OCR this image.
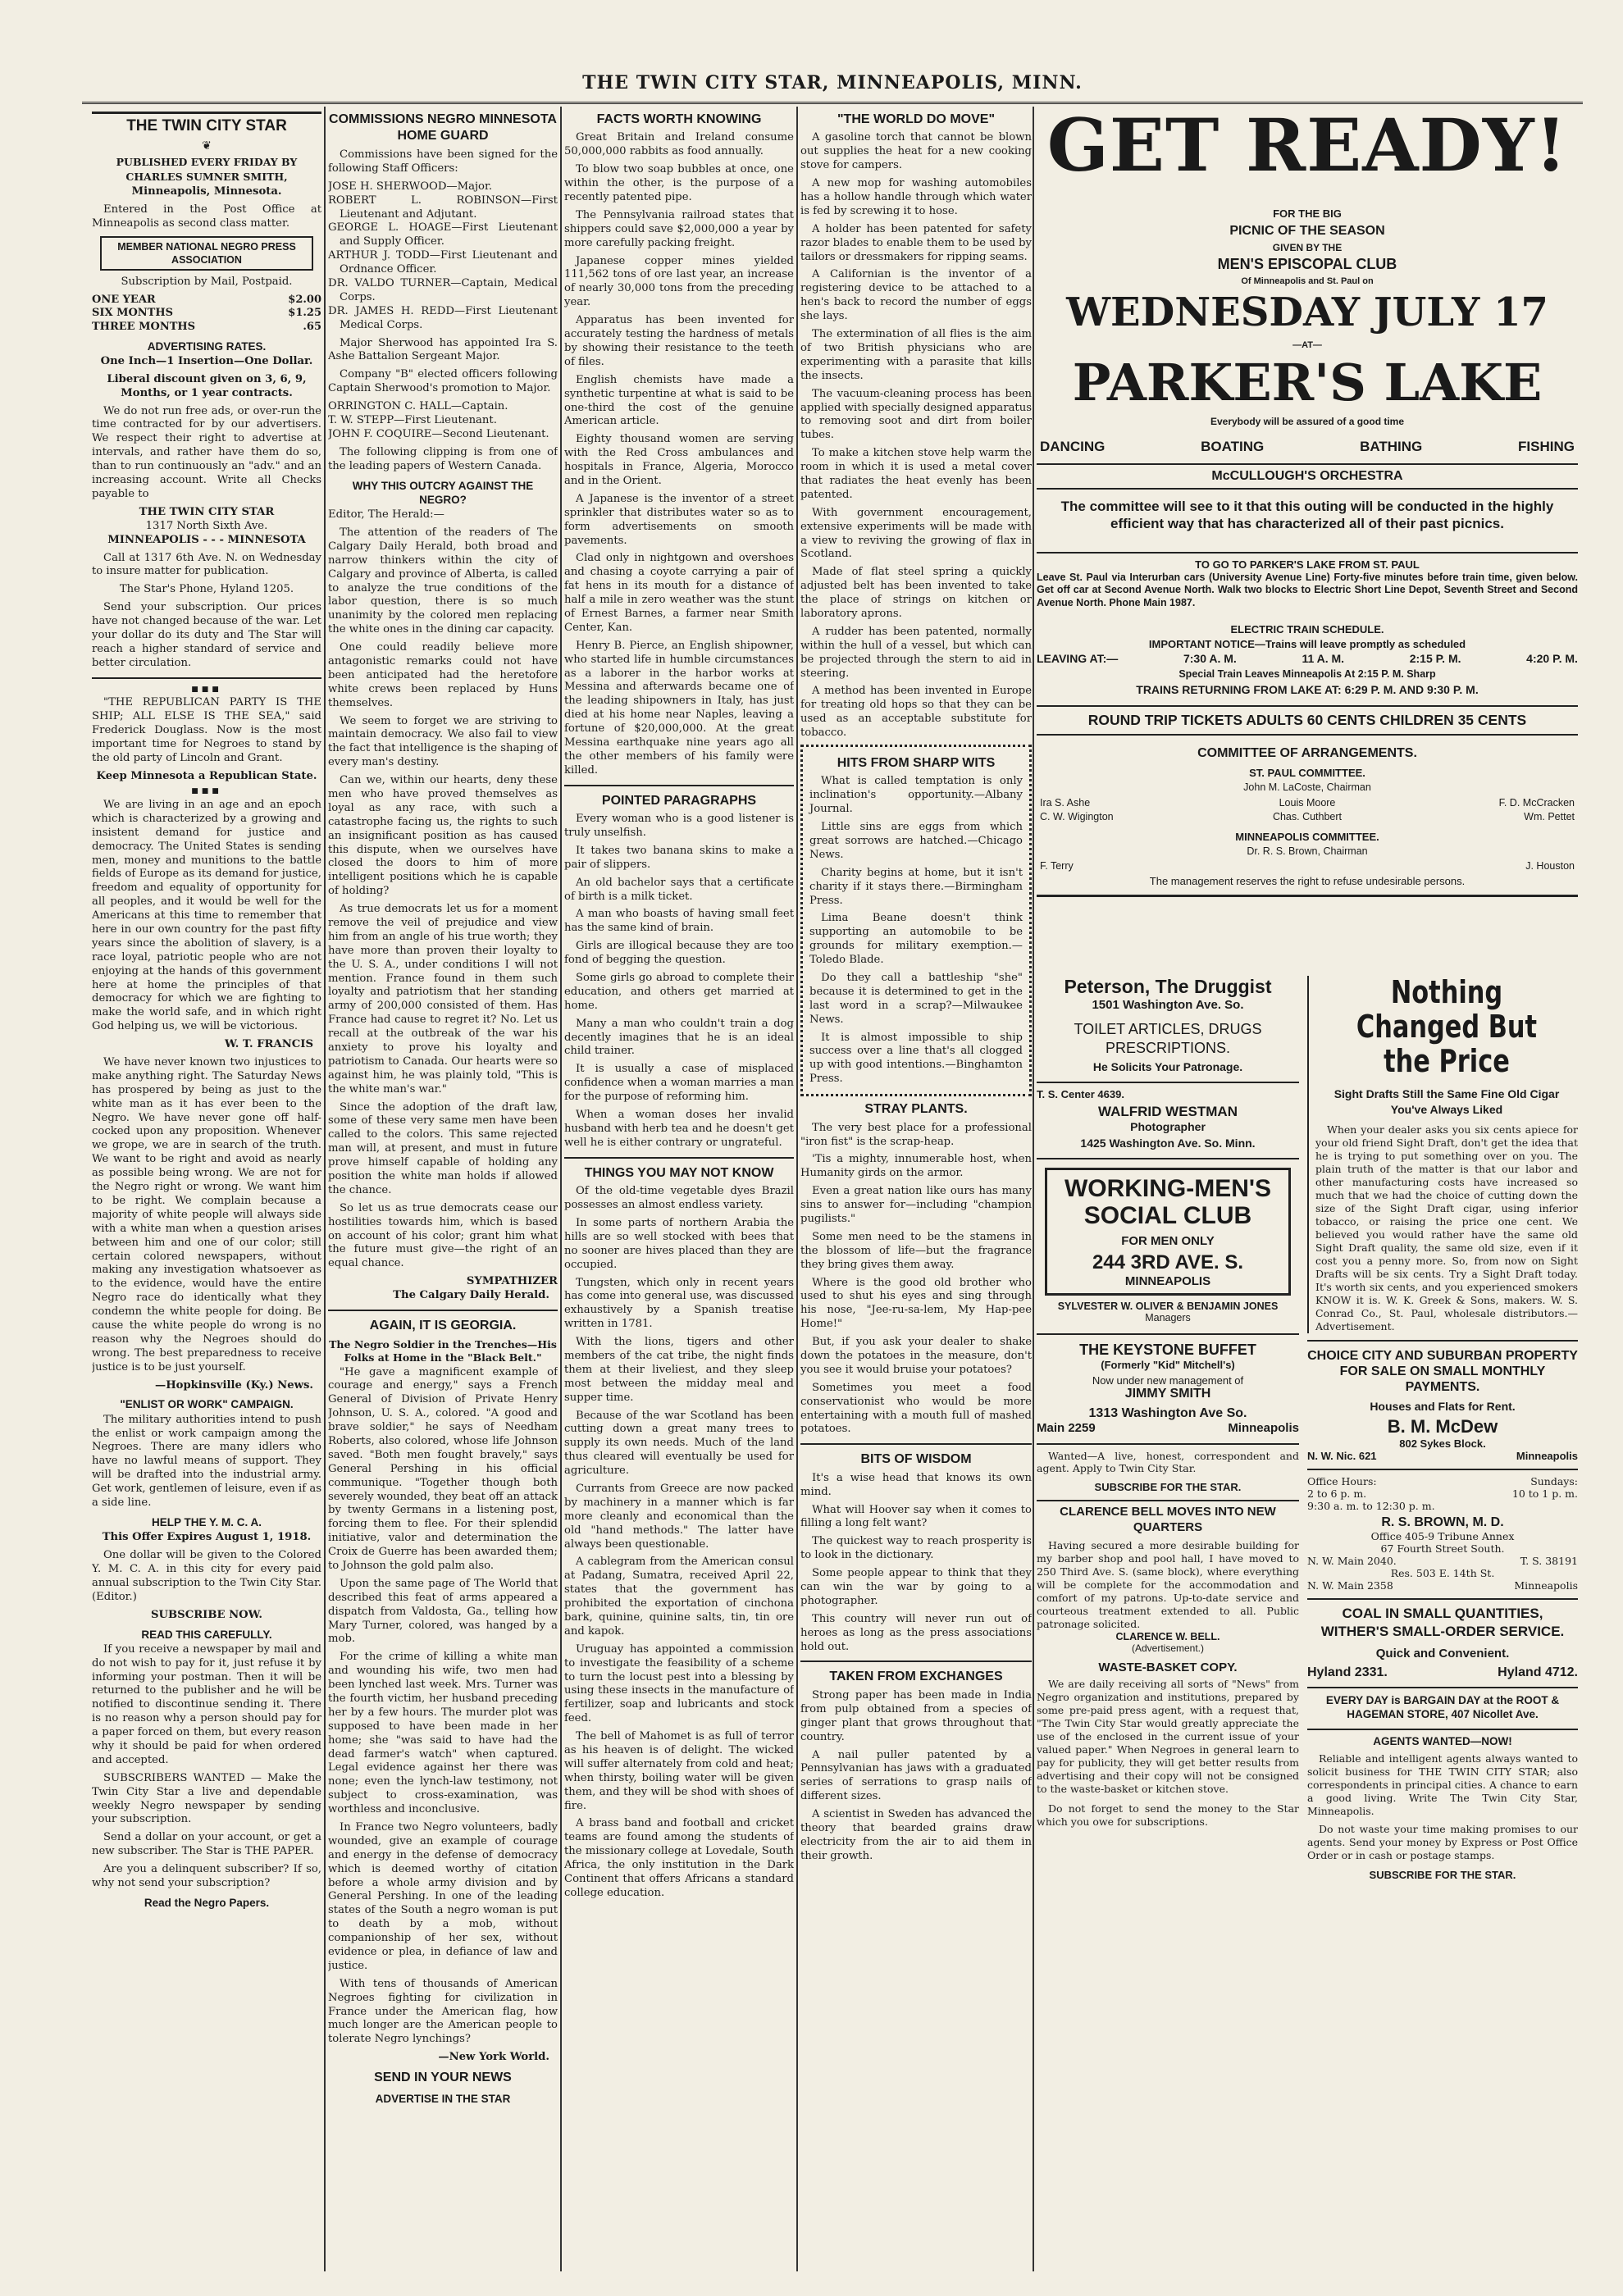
THE TWIN CITY STAR, MINNEAPOLIS, MINN.
THE TWIN CITY STAR
❦
PUBLISHED EVERY FRIDAY BY
CHARLES SUMNER SMITH,

Minneapolis, Minnesota.

Entered in the Post Office at Minneapolis as second class matter.

MEMBER NATIONAL NEGRO PRESS ASSOCIATION

Subscription by Mail, Postpaid.

ONE YEAR	$2.00
SIX MONTHS	$1.25
THREE MONTHS	.65
ADVERTISING RATES.

One Inch—1 Insertion—One Dollar.

Liberal discount given on 3, 6, 9, Months, or 1 year contracts.

We do not run free ads, or over-run the time contracted for by our advertisers. We respect their right to advertise at intervals, and rather have them do so, than to run continuously an "adv." and an increasing account. Write all Checks payable to

THE TWIN CITY STAR

1317 North Sixth Ave.

MINNEAPOLIS - - - MINNESOTA

Call at 1317 6th Ave. N. on Wednesday to insure matter for publication.

The Star's Phone, Hyland 1205.

Send your subscription. Our prices have not changed because of the war. Let your dollar do its duty and The Star will reach a higher standard of service and better circulation.

■■■

"THE REPUBLICAN PARTY IS THE SHIP; ALL ELSE IS THE SEA," said Frederick Douglass. Now is the most important time for Negroes to stand by the old party of Lincoln and Grant.

Keep Minnesota a Republican State.

■■■

We are living in an age and an epoch which is characterized by a growing and insistent demand for justice and democracy. The United States is sending men, money and munitions to the battle fields of Europe as its demand for justice, freedom and equality of opportunity for all peoples, and it would be well for the Americans at this time to remember that here in our own country for the past fifty years since the abolition of slavery, is a race loyal, patriotic people who are not enjoying at the hands of this government here at home the principles of that democracy for which we are fighting to make the world safe, and in which right God helping us, we will be victorious.

W. T. FRANCIS

We have never known two injustices to make anything right. The Saturday News has prospered by being as just to the white man as it has ever been to the Negro. We have never gone off half-cocked upon any proposition. Whenever we grope, we are in search of the truth. We want to be right and avoid as nearly as possible being wrong. We are not for the Negro right or wrong. We want him to be right. We complain because a majority of white people will always side with a white man when a question arises between him and one of our color; still certain colored newspapers, without making any investigation whatsoever as to the evidence, would have the entire Negro race do identically what they condemn the white people for doing. Be cause the white people do wrong is no reason why the Negroes should do wrong. The best preparedness to receive justice is to be just yourself.

—Hopkinsville (Ky.) News.

"ENLIST OR WORK" CAMPAIGN.

The military authorities intend to push the enlist or work campaign among the Negroes. There are many idlers who have no lawful means of support. They will be drafted into the industrial army. Get work, gentlemen of leisure, even if as a side line.

HELP THE Y. M. C. A.

This Offer Expires August 1, 1918.

One dollar will be given to the Colored Y. M. C. A. in this city for every paid annual subscription to the Twin City Star. (Editor.)

SUBSCRIBE NOW.

READ THIS CAREFULLY.

If you receive a newspaper by mail and do not wish to pay for it, just refuse it by informing your postman. Then it will be returned to the publisher and he will be notified to discontinue sending it. There is no reason why a person should pay for a paper forced on them, but every reason why it should be paid for when ordered and accepted.

SUBSCRIBERS WANTED — Make the Twin City Star a live and dependable weekly Negro newspaper by sending your subscription.

Send a dollar on your account, or get a new subscriber. The Star is THE PAPER.

Are you a delinquent subscriber? If so, why not send your subscription?

Read the Negro Papers.
COMMISSIONS NEGRO MINNESOTA HOME GUARD

Commissions have been signed for the following Staff Officers:

JOSE H. SHERWOOD—Major.

ROBERT L. ROBINSON—First Lieutenant and Adjutant.

GEORGE L. HOAGE—First Lieutenant and Supply Officer.

ARTHUR J. TODD—First Lieutenant and Ordnance Officer.

DR. VALDO TURNER—Captain, Medical Corps.

DR. JAMES H. REDD—First Lieutenant Medical Corps.

Major Sherwood has appointed Ira S. Ashe Battalion Sergeant Major.

Company "B" elected officers following Captain Sherwood's promotion to Major.

ORRINGTON C. HALL—Captain.

T. W. STEPP—First Lieutenant.

JOHN F. COQUIRE—Second Lieutenant.

The following clipping is from one of the leading papers of Western Canada.

WHY THIS OUTCRY AGAINST THE NEGRO?

Editor, The Herald:—

The attention of the readers of The Calgary Daily Herald, both broad and narrow thinkers within the city of Calgary and province of Alberta, is called to analyze the true conditions of the labor question, there is so much unanimity by the colored men replacing the white ones in the dining car capacity.

One could readily believe more antagonistic remarks could not have been anticipated had the heretofore white crews been replaced by Huns themselves.

We seem to forget we are striving to maintain democracy. We also fail to view the fact that intelligence is the shaping of every man's destiny.

Can we, within our hearts, deny these men who have proved themselves as loyal as any race, with such a catastrophe facing us, the rights to such an insignificant position as has caused this dispute, when we ourselves have closed the doors to him of more intelligent positions which he is capable of holding?

As true democrats let us for a moment remove the veil of prejudice and view him from an angle of his true worth; they have more than proven their loyalty to the U. S. A., under conditions I will not mention. France found in them such loyalty and patriotism that her standing army of 200,000 consisted of them. Has France had cause to regret it? No. Let us recall at the outbreak of the war his anxiety to prove his loyalty and patriotism to Canada. Our hearts were so against him, he was plainly told, "This is the white man's war."

Since the adoption of the draft law, some of these very same men have been called to the colors. This same rejected man will, at present, and must in future prove himself capable of holding any position the white man holds if allowed the chance.

So let us as true democrats cease our hostilities towards him, which is based on account of his color; grant him what the future must give—the right of an equal chance.

SYMPATHIZER

The Calgary Daily Herald.

AGAIN, IT IS GEORGIA.
The Negro Soldier in the Trenches—His Folks at Home in the "Black Belt."

"He gave a magnificent example of courage and energy," says a French General of Division of Private Henry Johnson, U. S. A., colored. "A good and brave soldier," he says of Needham Roberts, also colored, whose life Johnson saved. "Both men fought bravely," says General Pershing in his official communique. "Together though both severely wounded, they beat off an attack by twenty Germans in a listening post, forcing them to flee. For their splendid initiative, valor and determination the Croix de Guerre has been awarded them; to Johnson the gold palm also.

Upon the same page of The World that described this feat of arms appeared a dispatch from Valdosta, Ga., telling how Mary Turner, colored, was hanged by a mob.

For the crime of killing a white man and wounding his wife, two men had been lynched last week. Mrs. Turner was the fourth victim, her husband preceding her by a few hours. The murder plot was supposed to have been made in her home; she "was said to have had the dead farmer's watch" when captured. Legal evidence against her there was none; even the lynch-law testimony, not subject to cross-examination, was worthless and inconclusive.

In France two Negro volunteers, badly wounded, give an example of courage and energy in the defense of democracy which is deemed worthy of citation before a whole army division and by General Pershing. In one of the leading states of the South a negro woman is put to death by a mob, without companionship of her sex, without evidence or plea, in defiance of law and justice.

With tens of thousands of American Negroes fighting for civilization in France under the American flag, how much longer are the American people to tolerate Negro lynchings?

—New York World.

SEND IN YOUR NEWS
ADVERTISE IN THE STAR
FACTS WORTH KNOWING

Great Britain and Ireland consume 50,000,000 rabbits as food annually.

To blow two soap bubbles at once, one within the other, is the purpose of a recently patented pipe.

The Pennsylvania railroad states that shippers could save $2,000,000 a year by more carefully packing freight.

Japanese copper mines yielded 111,562 tons of ore last year, an increase of nearly 30,000 tons from the preceding year.

Apparatus has been invented for accurately testing the hardness of metals by showing their resistance to the teeth of files.

English chemists have made a synthetic turpentine at what is said to be one-third the cost of the genuine American article.

Eighty thousand women are serving with the Red Cross ambulances and hospitals in France, Algeria, Morocco and in the Orient.

A Japanese is the inventor of a street sprinkler that distributes water so as to form advertisements on smooth pavements.

Clad only in nightgown and overshoes and chasing a coyote carrying a pair of fat hens in its mouth for a distance of half a mile in zero weather was the stunt of Ernest Barnes, a farmer near Smith Center, Kan.

Henry B. Pierce, an English shipowner, who started life in humble circumstances as a laborer in the harbor works at Messina and afterwards became one of the leading shipowners in Italy, has just died at his home near Naples, leaving a fortune of $20,000,000. At the great Messina earthquake nine years ago all the other members of his family were killed.

POINTED PARAGRAPHS

Every woman who is a good listener is truly unselfish.

It takes two banana skins to make a pair of slippers.

An old bachelor says that a certificate of birth is a milk ticket.

A man who boasts of having small feet has the same kind of brain.

Girls are illogical because they are too fond of begging the question.

Some girls go abroad to complete their education, and others get married at home.

Many a man who couldn't train a dog decently imagines that he is an ideal child trainer.

It is usually a case of misplaced confidence when a woman marries a man for the purpose of reforming him.

When a woman doses her invalid husband with herb tea and he doesn't get well he is either contrary or ungrateful.

THINGS YOU MAY NOT KNOW

Of the old-time vegetable dyes Brazil possesses an almost endless variety.

In some parts of northern Arabia the hills are so well stocked with bees that no sooner are hives placed than they are occupied.

Tungsten, which only in recent years has come into general use, was discussed exhaustively by a Spanish treatise written in 1781.

With the lions, tigers and other members of the cat tribe, the night finds them at their liveliest, and they sleep most between the midday meal and supper time.

Because of the war Scotland has been cutting down a great many trees to supply its own needs. Much of the land thus cleared will eventually be used for agriculture.

Currants from Greece are now packed by machinery in a manner which is far more cleanly and economical than the old "hand methods." The latter have always been questionable.

A cablegram from the American consul at Padang, Sumatra, received April 22, states that the government has prohibited the exportation of cinchona bark, quinine, quinine salts, tin, tin ore and kapok.

Uruguay has appointed a commission to investigate the feasibility of a scheme to turn the locust pest into a blessing by using these insects in the manufacture of fertilizer, soap and lubricants and stock feed.

The bell of Mahomet is as full of terror as his heaven is of delight. The wicked will suffer alternately from cold and heat; when thirsty, boiling water will be given them, and they will be shod with shoes of fire.

A brass band and football and cricket teams are found among the students of the missionary college at Lovedale, South Africa, the only institution in the Dark Continent that offers Africans a standard college education.

"THE WORLD DO MOVE"

A gasoline torch that cannot be blown out supplies the heat for a new cooking stove for campers.

A new mop for washing automobiles has a hollow handle through which water is fed by screwing it to hose.

A holder has been patented for safety razor blades to enable them to be used by tailors or dressmakers for ripping seams.

A Californian is the inventor of a registering device to be attached to a hen's back to record the number of eggs she lays.

The extermination of all flies is the aim of two British physicians who are experimenting with a parasite that kills the insects.

The vacuum-cleaning process has been applied with specially designed apparatus to removing soot and dirt from boiler tubes.

To make a kitchen stove help warm the room in which it is used a metal cover that radiates the heat evenly has been patented.

With government encouragement, extensive experiments will be made with a view to reviving the growing of flax in Scotland.

Made of flat steel spring a quickly adjusted belt has been invented to take the place of strings on kitchen or laboratory aprons.

A rudder has been patented, normally within the hull of a vessel, but which can be projected through the stern to aid in steering.

A method has been invented in Europe for treating old hops so that they can be used as an acceptable substitute for tobacco.

HITS FROM SHARP WITS

What is called temptation is only inclination's opportunity.—Albany Journal.

Little sins are eggs from which great sorrows are hatched.—Chicago News.

Charity begins at home, but it isn't charity if it stays there.—Birmingham Press.

Lima Beane doesn't think supporting an automobile to be grounds for military exemption.—Toledo Blade.

Do they call a battleship "she" because it is determined to get in the last word in a scrap?—Milwaukee News.

It is almost impossible to ship success over a line that's all clogged up with good intentions.—Binghamton Press.

STRAY PLANTS.

The very best place for a professional "iron fist" is the scrap-heap.

'Tis a mighty, innumerable host, when Humanity girds on the armor.

Even a great nation like ours has many sins to answer for—including "champion pugilists."

Some men need to be the stamens in the blossom of life—but the fragrance they bring gives them away.

Where is the good old brother who used to shut his eyes and sing through his nose, "Jee-ru-sa-lem, My Hap-pee Home!"

But, if you ask your dealer to shake down the potatoes in the measure, don't you see it would bruise your potatoes?

Sometimes you meet a food conservationist who would be more entertaining with a mouth full of mashed potatoes.

BITS OF WISDOM

It's a wise head that knows its own mind.

What will Hoover say when it comes to filling a long felt want?

The quickest way to reach prosperity is to look in the dictionary.

Some people appear to think that they can win the war by going to a photographer.

This country will never run out of heroes as long as the press associations hold out.

TAKEN FROM EXCHANGES

Strong paper has been made in India from pulp obtained from a species of ginger plant that grows throughout that country.

A nail puller patented by a Pennsylvanian has jaws with a graduated series of serrations to grasp nails of different sizes.

A scientist in Sweden has advanced the theory that bearded grains draw electricity from the air to aid them in their growth.

GET READY!
FOR THE BIG
PICNIC OF THE SEASON
GIVEN BY THE
MEN'S EPISCOPAL CLUB
Of Minneapolis and St. Paul on
WEDNESDAY JULY 17
—AT—
PARKER'S LAKE
Everybody will be assured of a good time
DANCING	BOATING	BATHING	FISHING
McCULLOUGH'S ORCHESTRA
The committee will see to it that this outing will be conducted in the highly efficient way that has characterized all of their past picnics.
TO GO TO PARKER'S LAKE FROM ST. PAUL
Leave St. Paul via Interurban cars (University Avenue Line) Forty-five minutes before train time, given below. Get off car at Second Avenue North. Walk two blocks to Electric Short Line Depot, Seventh Street and Second Avenue North. Phone Main 1987.
ELECTRIC TRAIN SCHEDULE.
IMPORTANT NOTICE—Trains will leave promptly as scheduled
LEAVING AT:—	7:30 A. M.	11 A. M.	2:15 P. M.	4:20 P. M.
Special Train Leaves Minneapolis At 2:15 P. M. Sharp
TRAINS RETURNING FROM LAKE AT: 6:29 P. M. AND 9:30 P. M.
ROUND TRIP TICKETS ADULTS 60 CENTS CHILDREN 35 CENTS
COMMITTEE OF ARRANGEMENTS.
ST. PAUL COMMITTEE.
John M. LaCoste, Chairman
Ira S. Ashe
C. W. Wigington
Louis Moore
Chas. Cuthbert
F. D. McCracken
Wm. Pettet
MINNEAPOLIS COMMITTEE.
Dr. R. S. Brown, Chairman
F. Terry	J. Houston
The management reserves the right to refuse undesirable persons.
Peterson, The Druggist
1501 Washington Ave. So.
TOILET ARTICLES, DRUGS PRESCRIPTIONS.
He Solicits Your Patronage.
T. S. Center 4639.
WALFRID WESTMAN
Photographer
1425 Washington Ave. So. Minn.
WORKING-MEN'S SOCIAL CLUB
FOR MEN ONLY
244 3RD AVE. S.
MINNEAPOLIS
SYLVESTER W. OLIVER & BENJAMIN JONES
Managers
THE KEYSTONE BUFFET
(Formerly "Kid" Mitchell's)
Now under new management of
JIMMY SMITH
1313 Washington Ave So.
Main 2259	Minneapolis
Wanted—A live, honest, correspondent and agent. Apply to Twin City Star.
SUBSCRIBE FOR THE STAR.
CLARENCE BELL MOVES INTO NEW QUARTERS
Having secured a more desirable building for my barber shop and pool hall, I have moved to 250 Third Ave. S. (same block), where everything will be complete for the accommodation and comfort of my patrons. Up-to-date service and courteous treatment extended to all. Public patronage solicited.
CLARENCE W. BELL.
(Advertisement.)
WASTE-BASKET COPY.
We are daily receiving all sorts of "News" from Negro organization and institutions, prepared by some pre-paid press agent, with a request that, "The Twin City Star would greatly appreciate the use of the enclosed in the current issue of your valued paper." When Negroes in general learn to pay for publicity, they will get better results from advertising and their copy will not be consigned to the waste-basket or kitchen stove.
Do not forget to send the money to the Star which you owe for subscriptions.
Nothing Changed But the Price
Sight Drafts Still the Same Fine Old Cigar You've Always Liked
When your dealer asks you six cents apiece for your old friend Sight Draft, don't get the idea that he is trying to put something over on you. The plain truth of the matter is that our labor and other manufacturing costs have increased so much that we had the choice of cutting down the size of the Sight Draft cigar, using inferior tobacco, or raising the price one cent. We believed you would rather have the same old Sight Draft quality, the same old size, even if it cost you a penny more. So, from now on Sight Drafts will be six cents. Try a Sight Draft today. It's worth six cents, and you experienced smokers KNOW it is. W. K. Greek & Sons, makers. W. S. Conrad Co., St. Paul, wholesale distributors.—Advertisement.
CHOICE CITY AND SUBURBAN PROPERTY FOR SALE ON SMALL MONTHLY PAYMENTS.
Houses and Flats for Rent.
B. M. McDew
802 Sykes Block.
N. W. Nic. 621	Minneapolis
Office Hours:	Sundays:
2 to 6 p. m.	10 to 1 p. m.
9:30 a. m. to 12:30 p. m.
R. S. BROWN, M. D.
Office 405-9 Tribune Annex
67 Fourth Street South.
N. W. Main 2040.	T. S. 38191
Res. 503 E. 14th St.
N. W. Main 2358	Minneapolis
COAL IN SMALL QUANTITIES, WITHER'S SMALL-ORDER SERVICE.
Quick and Convenient.
Hyland 2331.	Hyland 4712.
EVERY DAY is BARGAIN DAY at the ROOT & HAGEMAN STORE, 407 Nicollet Ave.
AGENTS WANTED—NOW!
Reliable and intelligent agents always wanted to solicit business for THE TWIN CITY STAR; also correspondents in principal cities. A chance to earn a good living. Write The Twin City Star, Minneapolis.
Do not waste your time making promises to our agents. Send your money by Express or Post Office Order or in cash or postage stamps.
SUBSCRIBE FOR THE STAR.
